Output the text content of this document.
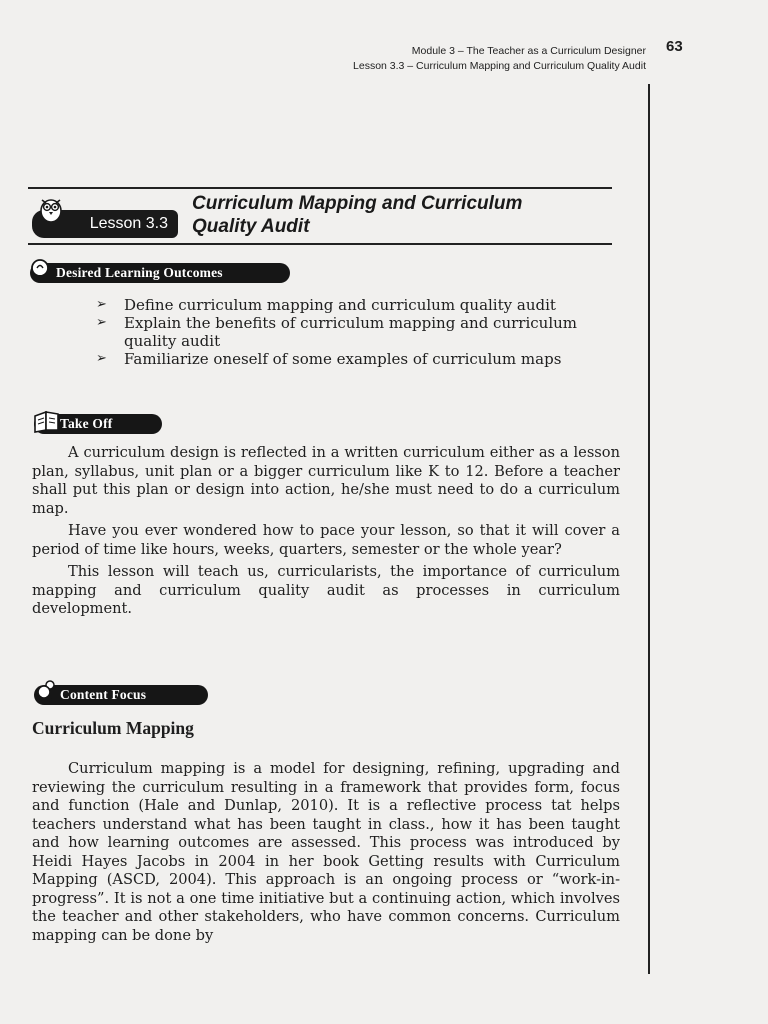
Module 3 – The Teacher as a Curriculum Designer
Lesson 3.3 – Curriculum Mapping and Curriculum Quality Audit
63
Lesson 3.3
Curriculum Mapping and Curriculum
Quality Audit
Desired Learning Outcomes
➢	Define curriculum mapping and curriculum quality audit
➢	Explain the benefits of curriculum mapping and curriculum quality audit
➢	Familiarize oneself of some examples of curriculum maps
Take Off

A curriculum design is reflected in a written curriculum either as a lesson plan, syllabus, unit plan or a bigger curriculum like K to 12. Before a teacher shall put this plan or design into action, he/she must need to do a curriculum map.

Have you ever wondered how to pace your lesson, so that it will cover a period of time like hours, weeks, quarters, semester or the whole year?

This lesson will teach us, curricularists, the importance of curriculum mapping and curriculum quality audit as processes in curriculum development.

Content Focus
Curriculum Mapping

Curriculum mapping is a model for designing, refining, upgrading and reviewing the curriculum resulting in a framework that provides form, focus and function (Hale and Dunlap, 2010). It is a reflective process tat helps teachers understand what has been taught in class., how it has been taught and how learning outcomes are assessed. This process was introduced by Heidi Hayes Jacobs in 2004 in her book Getting results with Curriculum Mapping (ASCD, 2004). This approach is an ongoing process or “work-in-progress”. It is not a one time initiative but a continuing action, which involves the teacher and other stakeholders, who have common concerns. Curriculum mapping can be done by
